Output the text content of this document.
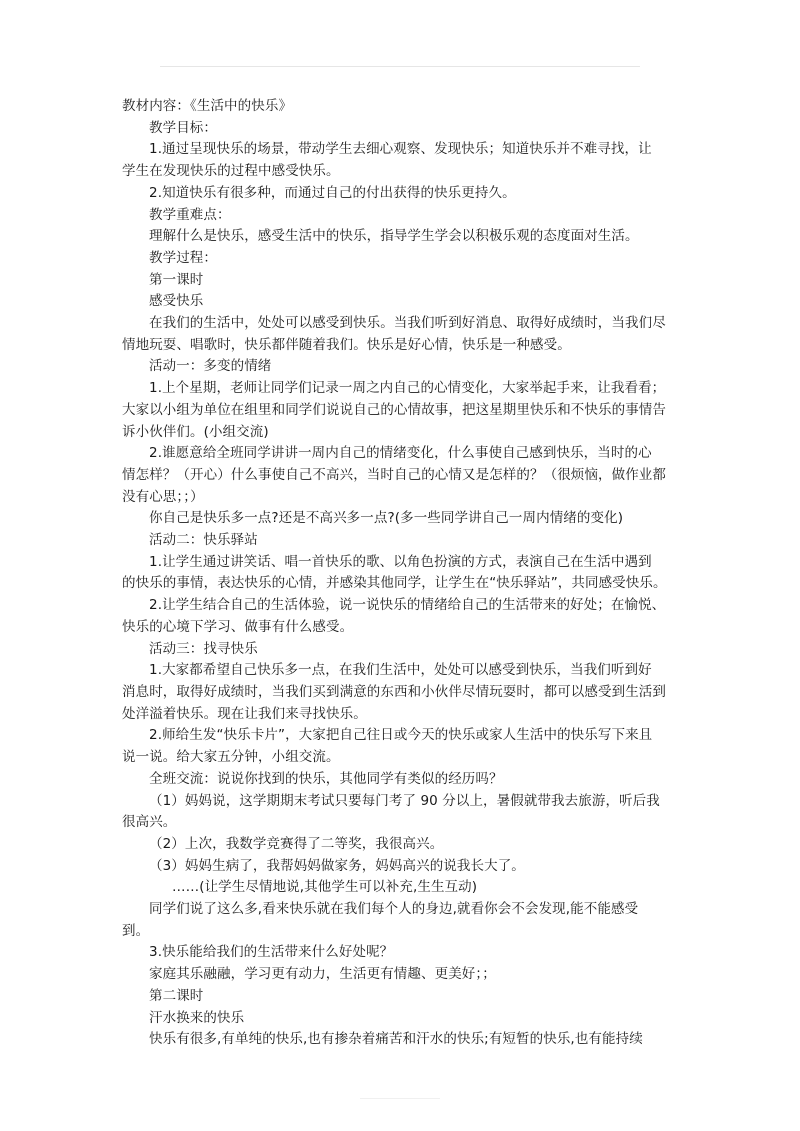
教材内容：《生活中的快乐》
教学目标：
1.通过呈现快乐的场景，带动学生去细心观察、发现快乐；知道快乐并不难寻找，让
学生在发现快乐的过程中感受快乐。
2.知道快乐有很多种，而通过自己的付出获得的快乐更持久。
教学重难点：
理解什么是快乐，感受生活中的快乐，指导学生学会以积极乐观的态度面对生活。
教学过程：
第一课时
感受快乐
在我们的生活中，处处可以感受到快乐。当我们听到好消息、取得好成绩时，当我们尽
情地玩耍、唱歌时，快乐都伴随着我们。快乐是好心情，快乐是一种感受。
活动一：多变的情绪
1.上个星期，老师让同学们记录一周之内自己的心情变化，大家举起手来，让我看看；
大家以小组为单位在组里和同学们说说自己的心情故事，把这星期里快乐和不快乐的事情告
诉小伙伴们。(小组交流)
2.谁愿意给全班同学讲讲一周内自己的情绪变化，什么事使自己感到快乐，当时的心
情怎样？（开心）什么事使自己不高兴，当时自己的心情又是怎样的？（很烦恼，做作业都
没有心思；；）
你自己是快乐多一点?还是不高兴多一点?(多一些同学讲自己一周内情绪的变化)
活动二：快乐驿站
1.让学生通过讲笑话、唱一首快乐的歌、以角色扮演的方式，表演自己在生活中遇到
的快乐的事情，表达快乐的心情，并感染其他同学，让学生在“快乐驿站”，共同感受快乐。
2.让学生结合自己的生活体验，说一说快乐的情绪给自己的生活带来的好处；在愉悦、
快乐的心境下学习、做事有什么感受。
活动三：找寻快乐
1.大家都希望自己快乐多一点，在我们生活中，处处可以感受到快乐，当我们听到好
消息时，取得好成绩时，当我们买到满意的东西和小伙伴尽情玩耍时，都可以感受到生活到
处洋溢着快乐。现在让我们来寻找快乐。
2.师给生发“快乐卡片”，大家把自己往日或今天的快乐或家人生活中的快乐写下来且
说一说。给大家五分钟，小组交流。
全班交流：说说你找到的快乐，其他同学有类似的经历吗？
（1）妈妈说，这学期期末考试只要每门考了 90 分以上，暑假就带我去旅游，听后我
很高兴。
（2）上次，我数学竞赛得了二等奖，我很高兴。
（3）妈妈生病了，我帮妈妈做家务，妈妈高兴的说我长大了。
……(让学生尽情地说,其他学生可以补充,生生互动)
同学们说了这么多,看来快乐就在我们每个人的身边,就看你会不会发现,能不能感受
到。
3.快乐能给我们的生活带来什么好处呢？
家庭其乐融融，学习更有动力，生活更有情趣、更美好；；
第二课时
汗水换来的快乐
快乐有很多,有单纯的快乐,也有掺杂着痛苦和汗水的快乐;有短暂的快乐,也有能持续
